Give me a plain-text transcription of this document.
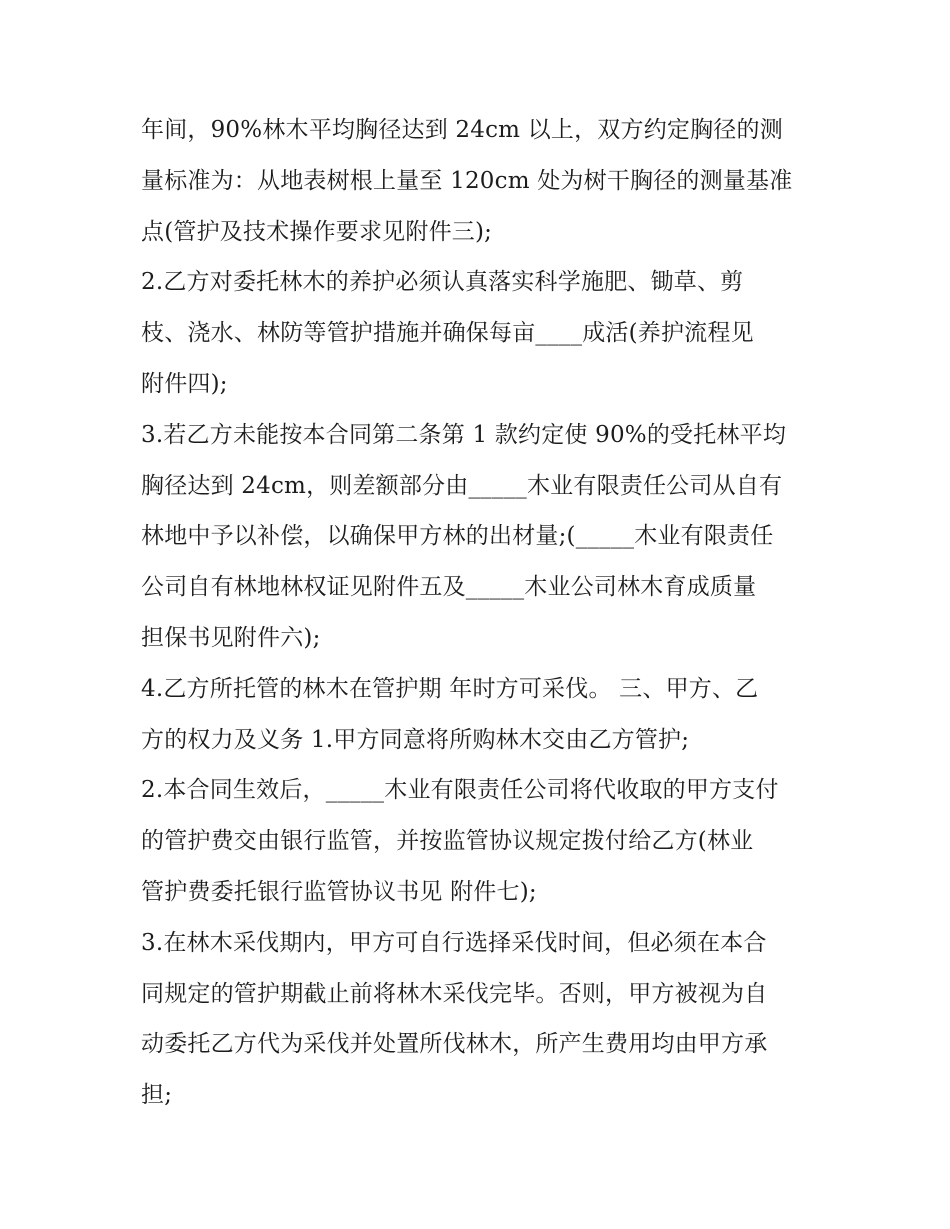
年间，90%林木平均胸径达到 24cm 以上，双方约定胸径的测
量标准为：从地表树根上量至 120cm 处为树干胸径的测量基准
点(管护及技术操作要求见附件三);
2.乙方对委托林木的养护必须认真落实科学施肥、锄草、剪
枝、浇水、林防等管护措施并确保每亩____成活(养护流程见
附件四);
3.若乙方未能按本合同第二条第 1 款约定使 90%的受托林平均
胸径达到 24cm，则差额部分由_____木业有限责任公司从自有
林地中予以补偿，以确保甲方林的出材量;(_____木业有限责任
公司自有林地林权证见附件五及_____木业公司林木育成质量
担保书见附件六);
4.乙方所托管的林木在管护期 年时方可采伐。 三、甲方、乙
方的权力及义务 1.甲方同意将所购林木交由乙方管护;
2.本合同生效后，_____木业有限责任公司将代收取的甲方支付
的管护费交由银行监管，并按监管协议规定拨付给乙方(林业
管护费委托银行监管协议书见 附件七);
3.在林木采伐期内，甲方可自行选择采伐时间，但必须在本合
同规定的管护期截止前将林木采伐完毕。否则，甲方被视为自
动委托乙方代为采伐并处置所伐林木，所产生费用均由甲方承
担;
